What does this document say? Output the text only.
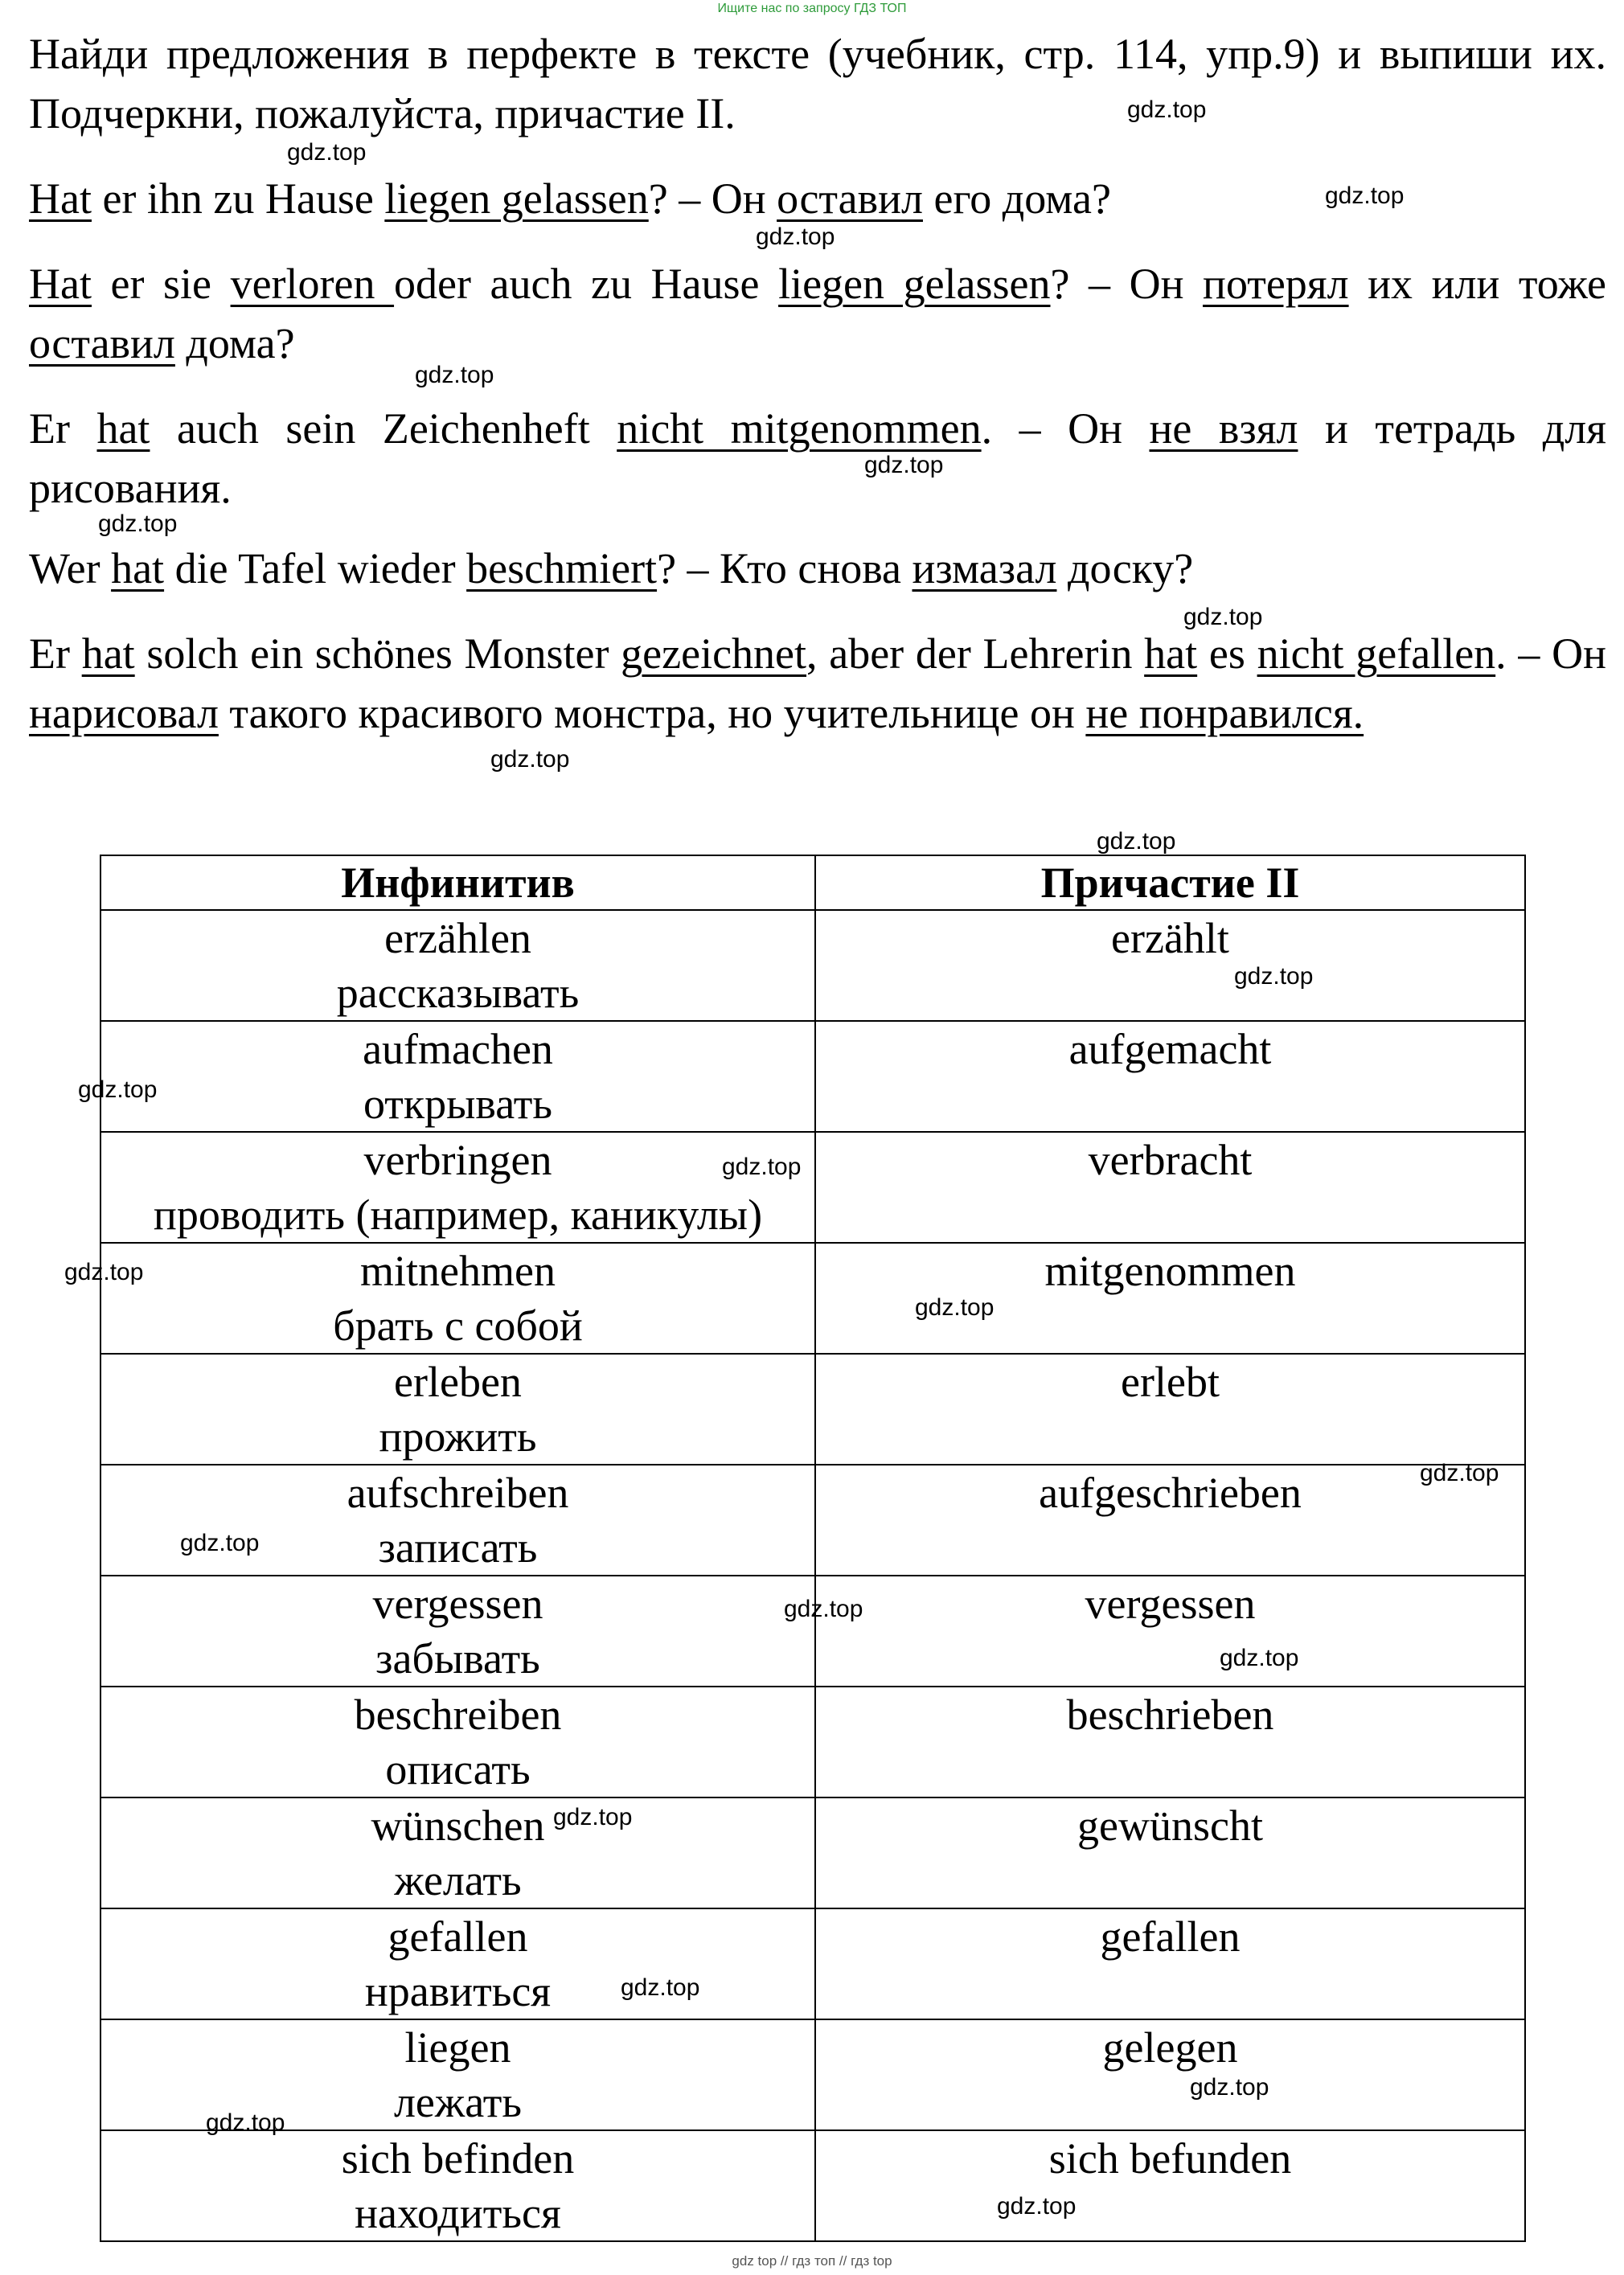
Ищите нас по запросу ГДЗ ТОП

Найди предложения в перфекте в тексте (учебник, стр. 114, упр.9) и выпиши их. Подчеркни, пожалуйста, причастие II.

Hat er ihn zu Hause liegen gelassen? – Он оставил его дома?

Hat er sie verloren oder auch zu Hause liegen gelassen? – Он потерял их или тоже оставил дома?

Er hat auch sein Zeichenheft nicht mitgenommen. – Он не взял и тетрадь для рисования.

Wer hat die Tafel wieder beschmiert? – Кто снова измазал доску?

Er hat solch ein schönes Monster gezeichnet, aber der Lehrerin hat es nicht gefallen. – Он нарисовал такого красивого монстра, но учительнице он не понравился.

Инфинитив	Причастие II

erzählen
рассказывать	erzählt

aufmachen
открывать	aufgemacht

verbringen
проводить (например, каникулы)	verbracht

mitnehmen
брать с собой	mitgenommen

erleben
прожить	erlebt

aufschreiben
записать	aufgeschrieben

vergessen
забывать	vergessen

beschreiben
описать	beschrieben

wünschen
желать	gewünscht

gefallen
нравиться	gefallen

liegen
лежать	gelegen

sich befinden
находиться	sich befunden
gdz.top
gdz.top
gdz.top
gdz.top
gdz.top
gdz.top
gdz.top
gdz.top
gdz.top
gdz.top
gdz.top
gdz.top
gdz.top
gdz.top
gdz.top
gdz.top
gdz.top
gdz.top
gdz.top
gdz.top
gdz.top
gdz.top
gdz.top
gdz.top
gdz top // гдз топ // гдз top
